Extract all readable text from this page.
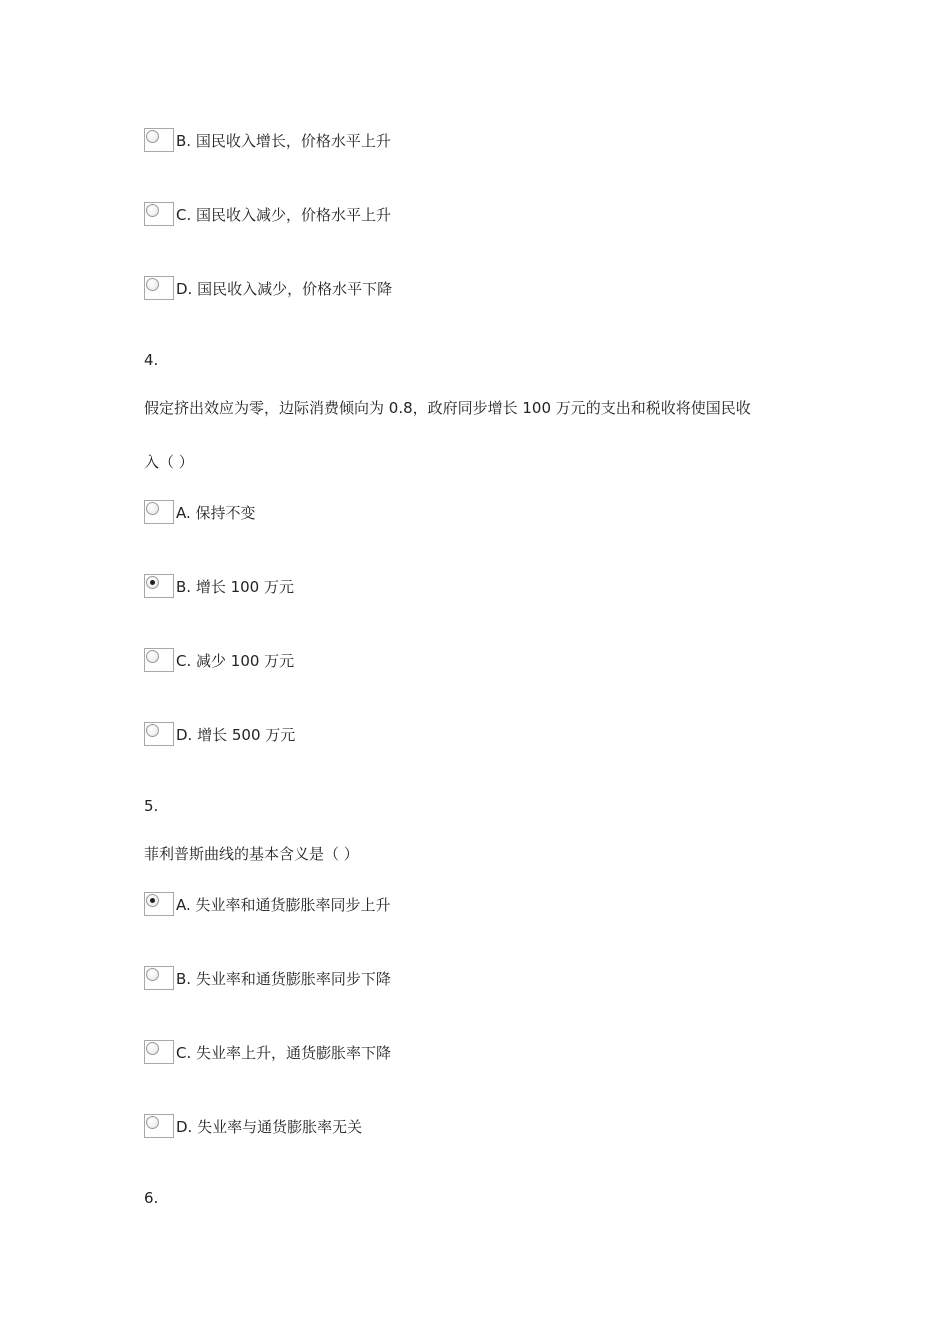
B. 国民收入增长，价格水平上升
C. 国民收入减少，价格水平上升
D. 国民收入减少，价格水平下降
4.
假定挤出效应为零，边际消费倾向为 0.8，政府同步增长 100 万元的支出和税收将使国民收
入（ ）
A. 保持不变
B. 增长 100 万元
C. 减少 100 万元
D. 增长 500 万元
5.
菲利普斯曲线的基本含义是（ ）
A. 失业率和通货膨胀率同步上升
B. 失业率和通货膨胀率同步下降
C. 失业率上升，通货膨胀率下降
D. 失业率与通货膨胀率无关
6.
